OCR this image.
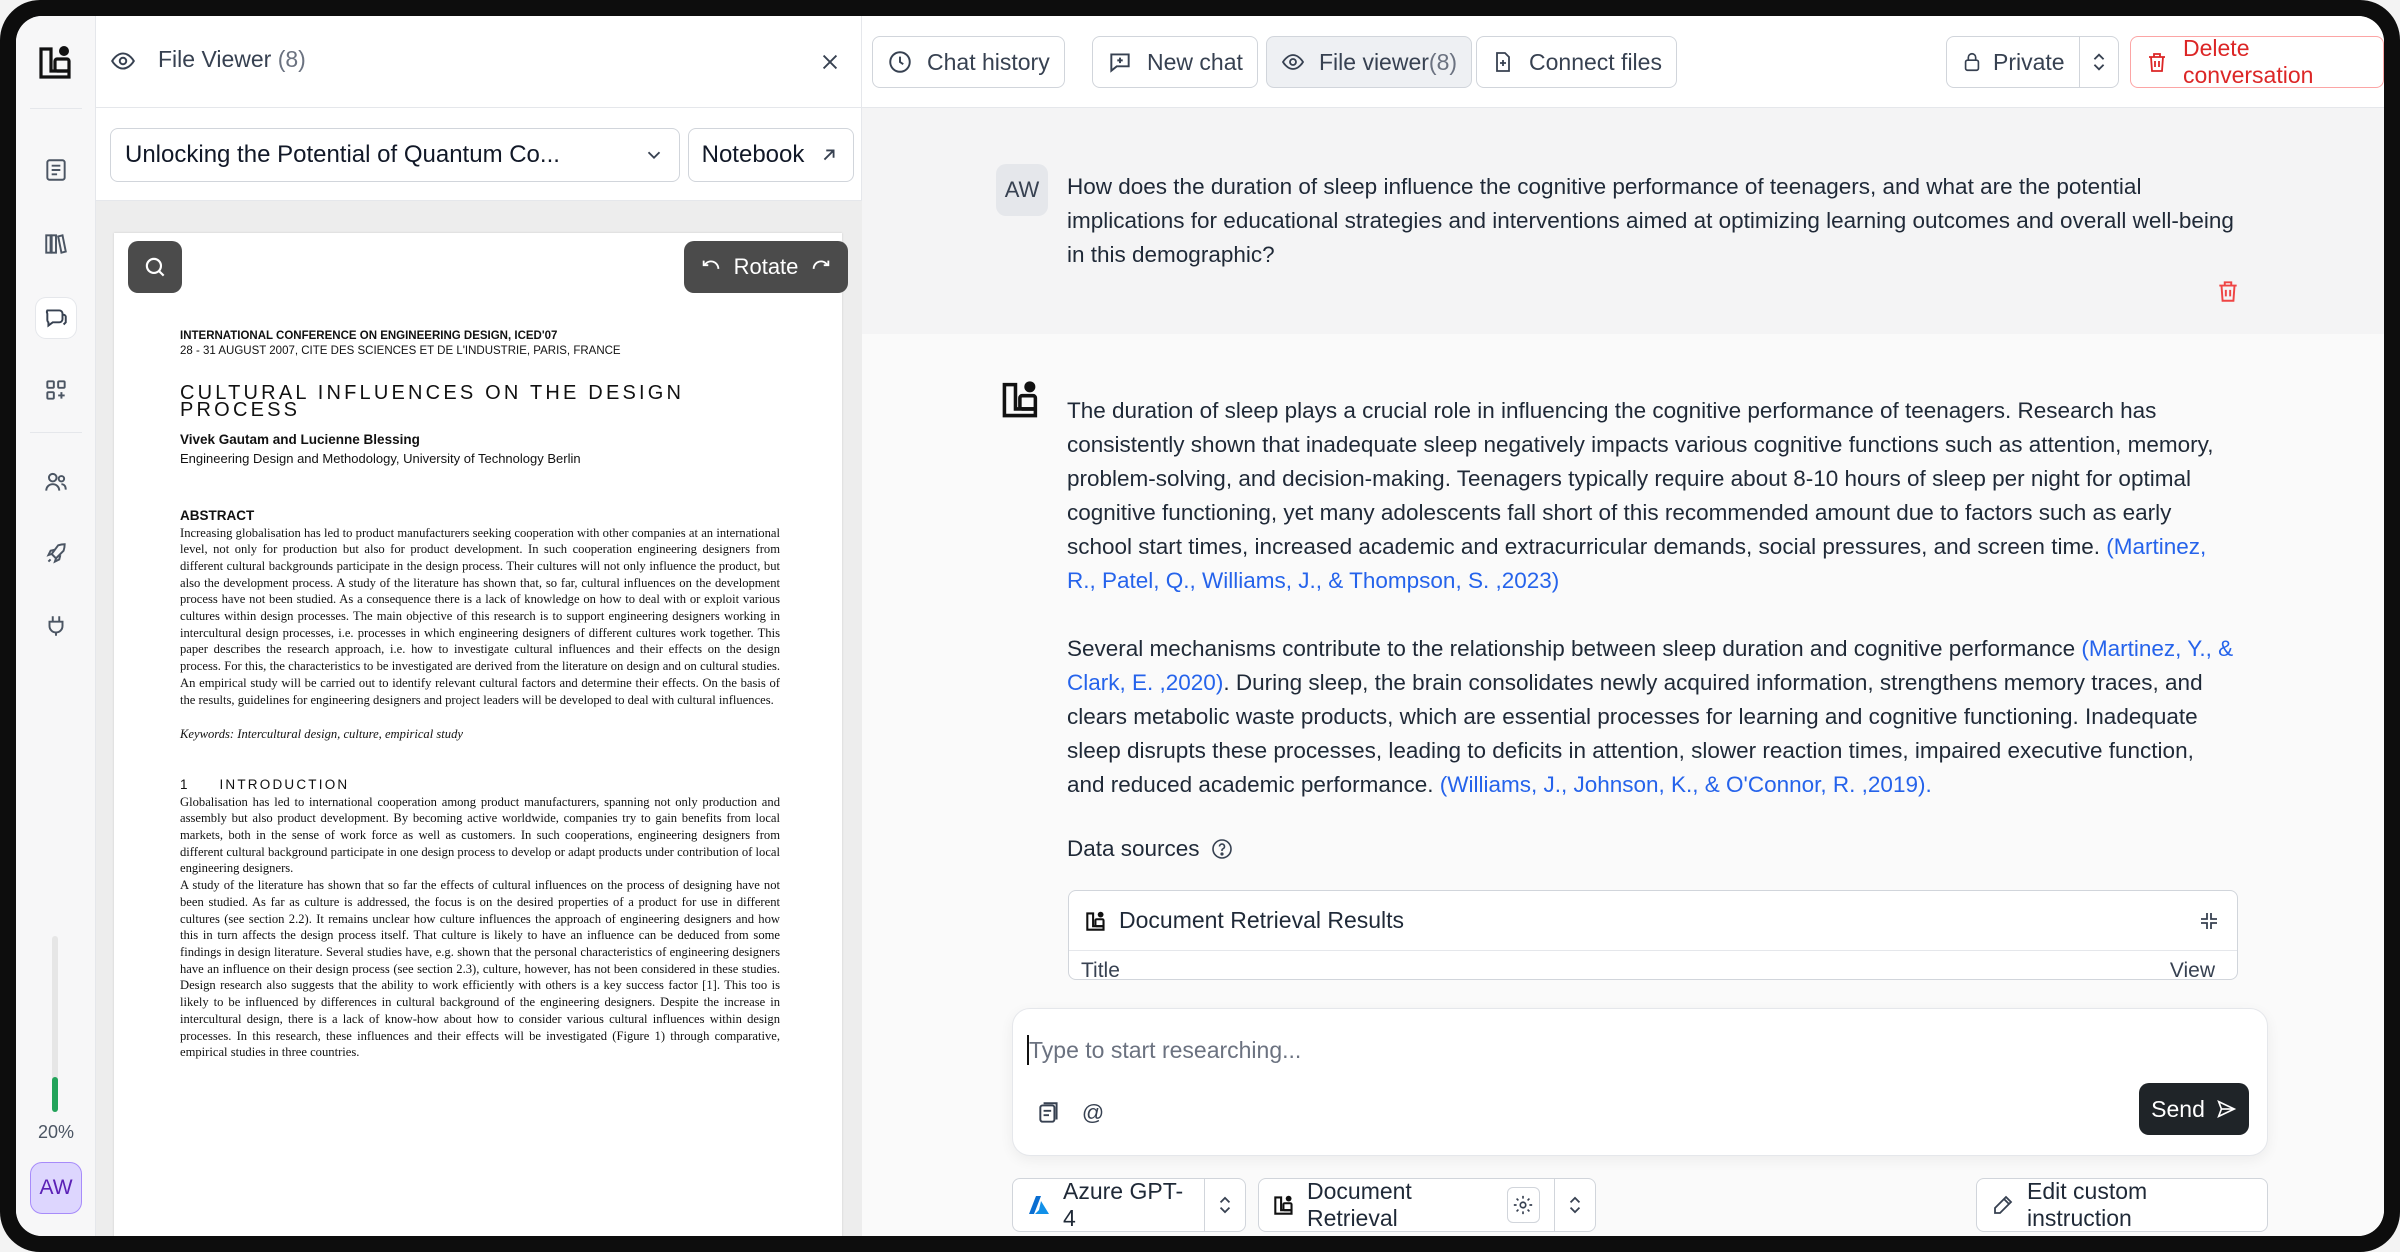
20%
AW
File Viewer (8)
Unlocking the Potential of Quantum Co...	Notebook
INTERNATIONAL CONFERENCE ON ENGINEERING DESIGN, ICED'07
28 - 31 AUGUST 2007, CITE DES SCIENCES ET DE L'INDUSTRIE, PARIS, FRANCE
CULTURAL INFLUENCES ON THE DESIGN PROCESS
Vivek Gautam and Lucienne Blessing
Engineering Design and Methodology, University of Technology Berlin
ABSTRACT
Increasing globalisation has led to product manufacturers seeking cooperation with other companies at an international level, not only for production but also for product development. In such cooperation engineering designers from different cultural backgrounds participate in the design process. Their cultures will not only influence the product, but also the development process. A study of the literature has shown that, so far, cultural influences on the development process have not been studied. As a consequence there is a lack of knowledge on how to deal with or exploit various cultures within design processes. The main objective of this research is to support engineering designers working in intercultural design processes, i.e. processes in which engineering designers of different cultures work together. This paper describes the research approach, i.e. how to investigate cultural influences and their effects on the design process. For this, the characteristics to be investigated are derived from the literature on design and on cultural studies. An empirical study will be carried out to identify relevant cultural factors and determine their effects. On the basis of the results, guidelines for engineering designers and project leaders will be developed to deal with cultural influences.
Keywords: Intercultural design, culture, empirical study
1     INTRODUCTION
Globalisation has led to international cooperation among product manufacturers, spanning not only production and assembly but also product development. By becoming active worldwide, companies try to gain benefits from local markets, both in the sense of work force as well as customers. In such cooperations, engineering designers from different cultural background participate in one design process to develop or adapt products under contribution of local engineering designers.
A study of the literature has shown that so far the effects of cultural influences on the process of designing have not been studied. As far as culture is addressed, the focus is on the desired properties of a product for use in different cultures (see section 2.2). It remains unclear how culture influences the approach of engineering designers and how this in turn affects the design process itself. That culture is likely to have an influence can be deduced from some findings in design literature. Several studies have, e.g. shown that the personal characteristics of engineering designers have an influence on their design process (see section 2.3), culture, however, has not been considered in these studies. Design research also suggests that the ability to work efficiently with others is a key success factor [1]. This too is likely to be influenced by differences in cultural background of the engineering designers. Despite the increase in intercultural design, there is a lack of know-how about how to consider various cultural influences within design processes. In this research, these influences and their effects will be investigated (Figure 1) through comparative, empirical studies in three countries.
Rotate
Chat history	New chat	File viewer(8)	Connect files	Private
Delete conversation
AW	How does the duration of sleep influence the cognitive performance of teenagers, and what are the potential implications for educational strategies and interventions aimed at optimizing learning outcomes and overall well-being in this demographic?

The duration of sleep plays a crucial role in influencing the cognitive performance of teenagers. Research has consistently shown that inadequate sleep negatively impacts various cognitive functions such as attention, memory, problem-solving, and decision-making. Teenagers typically require about 8-10 hours of sleep per night for optimal cognitive functioning, yet many adolescents fall short of this recommended amount due to factors such as early school start times, increased academic and extracurricular demands, social pressures, and screen time. (Martinez, R., Patel, Q., Williams, J., & Thompson, S. ,2023)

Several mechanisms contribute to the relationship between sleep duration and cognitive performance (Martinez, Y., & Clark, E. ,2020). During sleep, the brain consolidates newly acquired information, strengthens memory traces, and clears metabolic waste products, which are essential processes for learning and cognitive functioning. Inadequate sleep disrupts these processes, leading to deficits in attention, slower reaction times, impaired executive function, and reduced academic performance. (Williams, J., Johnson, K., & O'Connor, R. ,2019).

Data sources
Document Retrieval Results
Title	View
Type to start researching...
@	Send
Azure GPT-4
Document Retrieval
Edit custom instruction
